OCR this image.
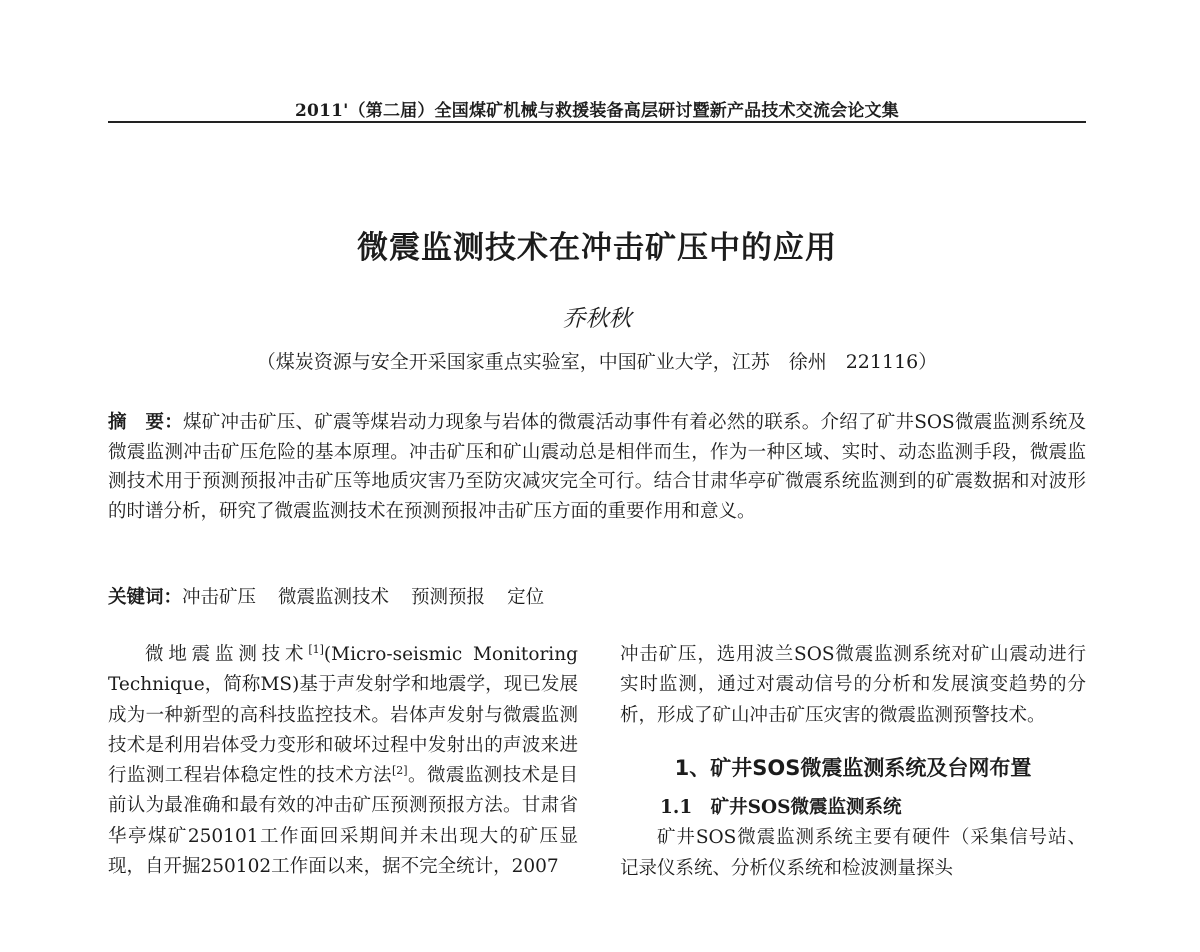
2011'（第二届）全国煤矿机械与救援装备高层研讨暨新产品技术交流会论文集
微震监测技术在冲击矿压中的应用
乔秋秋
（煤炭资源与安全开采国家重点实验室，中国矿业大学，江苏　徐州　221116）
摘　要：煤矿冲击矿压、矿震等煤岩动力现象与岩体的微震活动事件有着必然的联系。介绍了矿井SOS微震监测系统及微震监测冲击矿压危险的基本原理。冲击矿压和矿山震动总是相伴而生，作为一种区域、实时、动态监测手段，微震监测技术用于预测预报冲击矿压等地质灾害乃至防灾减灾完全可行。结合甘肃华亭矿微震系统监测到的矿震数据和对波形的时谱分析，研究了微震监测技术在预测预报冲击矿压方面的重要作用和意义。
关键词：冲击矿压 微震监测技术 预测预报 定位

微地震监测技术[1](Micro-seismic Monitoring Technique，简称MS)基于声发射学和地震学，现已发展成为一种新型的高科技监控技术。岩体声发射与微震监测技术是利用岩体受力变形和破坏过程中发射出的声波来进行监测工程岩体稳定性的技术方法[2]。微震监测技术是目前认为最准确和最有效的冲击矿压预测预报方法。甘肃省华亭煤矿250101工作面回采期间并未出现大的矿压显现，自开掘250102工作面以来，据不完全统计，2007

冲击矿压，选用波兰SOS微震监测系统对矿山震动进行实时监测，通过对震动信号的分析和发展演变趋势的分析，形成了矿山冲击矿压灾害的微震监测预警技术。

1、矿井SOS微震监测系统及台网布置
1.1　矿井SOS微震监测系统

矿井SOS微震监测系统主要有硬件（采集信号站、记录仪系统、分析仪系统和检波测量探头
